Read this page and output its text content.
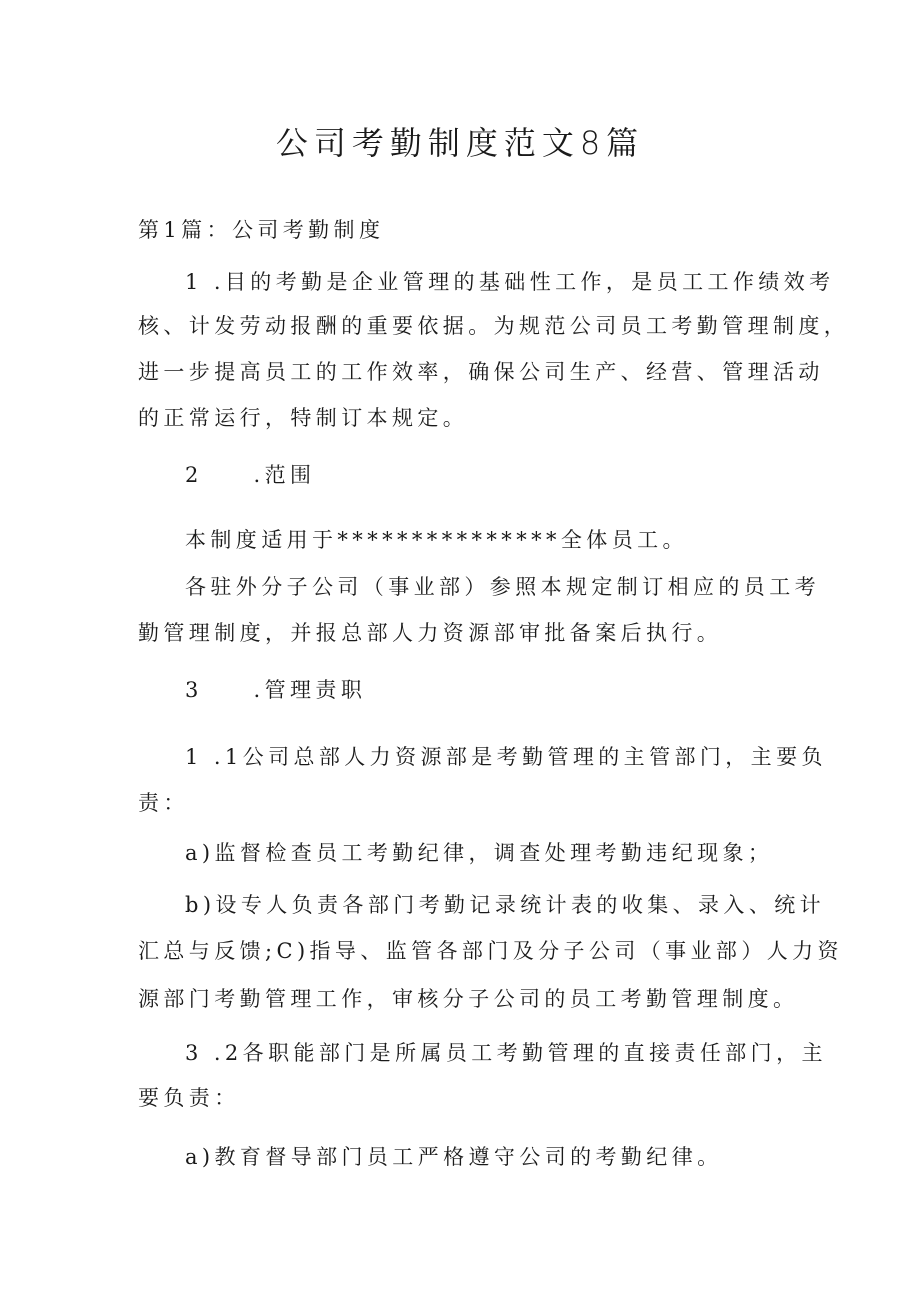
公司考勤制度范文8篇
第1篇：公司考勤制度
1 .目的考勤是企业管理的基础性工作，是员工工作绩效考
核、计发劳动报酬的重要依据。为规范公司员工考勤管理制度，
进一步提高员工的工作效率，确保公司生产、经营、管理活动
的正常运行，特制订本规定。
2　　.范围
本制度适用于***************全体员工。
各驻外分子公司（事业部）参照本规定制订相应的员工考
勤管理制度，并报总部人力资源部审批备案后执行。
3　　.管理责职
1 .1公司总部人力资源部是考勤管理的主管部门，主要负
责：
a)监督检查员工考勤纪律，调查处理考勤违纪现象；
b)设专人负责各部门考勤记录统计表的收集、录入、统计
汇总与反馈;C)指导、监管各部门及分子公司（事业部）人力资
源部门考勤管理工作，审核分子公司的员工考勤管理制度。
3 .2各职能部门是所属员工考勤管理的直接责任部门，主
要负责：
a)教育督导部门员工严格遵守公司的考勤纪律。
